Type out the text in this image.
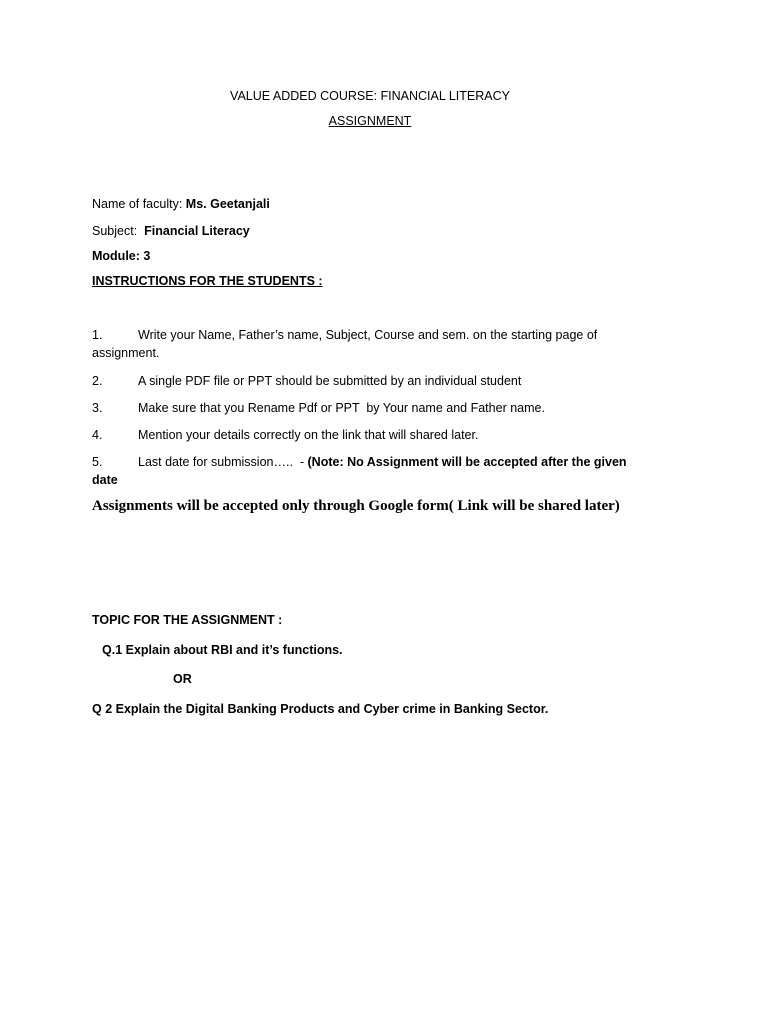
VALUE ADDED COURSE: FINANCIAL LITERACY
ASSIGNMENT
Name of faculty: Ms. Geetanjali
Subject:  Financial Literacy
Module: 3
INSTRUCTIONS FOR THE STUDENTS :
1.	Write your Name, Father’s name, Subject, Course and sem. on the starting page of
assignment.
2.	A single PDF file or PPT should be submitted by an individual student
3.	Make sure that you Rename Pdf or PPT  by Your name and Father name.
4.	Mention your details correctly on the link that will shared later.
5.	Last date for submission…..  - (Note: No Assignment will be accepted after the given
date
Assignments will be accepted only through Google form( Link will be shared later)
TOPIC FOR THE ASSIGNMENT :
Q.1 Explain about RBI and it’s functions.
OR
Q 2 Explain the Digital Banking Products and Cyber crime in Banking Sector.
